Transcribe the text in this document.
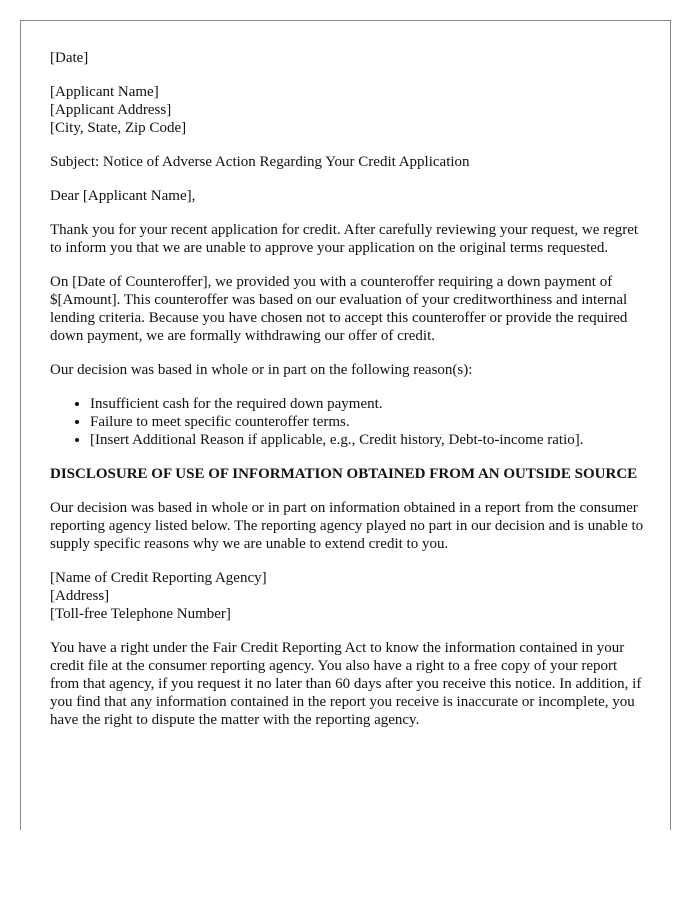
[Date]

[Applicant Name]
[Applicant Address]
[City, State, Zip Code]

Subject: Notice of Adverse Action Regarding Your Credit Application

Dear [Applicant Name],

Thank you for your recent application for credit. After carefully reviewing your request, we regret to inform you that we are unable to approve your application on the original terms requested.

On [Date of Counteroffer], we provided you with a counteroffer requiring a down payment of $[Amount]. This counteroffer was based on our evaluation of your creditworthiness and internal lending criteria. Because you have chosen not to accept this counteroffer or provide the required down payment, we are formally withdrawing our offer of credit.

Our decision was based in whole or in part on the following reason(s):

• Insufficient cash for the required down payment.
• Failure to meet specific counteroffer terms.
• [Insert Additional Reason if applicable, e.g., Credit history, Debt-to-income ratio].
DISCLOSURE OF USE OF INFORMATION OBTAINED FROM AN OUTSIDE SOURCE

Our decision was based in whole or in part on information obtained in a report from the consumer reporting agency listed below. The reporting agency played no part in our decision and is unable to supply specific reasons why we are unable to extend credit to you.

[Name of Credit Reporting Agency]
[Address]
[Toll-free Telephone Number]

You have a right under the Fair Credit Reporting Act to know the information contained in your credit file at the consumer reporting agency. You also have a right to a free copy of your report from that agency, if you request it no later than 60 days after you receive this notice. In addition, if you find that any information contained in the report you receive is inaccurate or incomplete, you have the right to dispute the matter with the reporting agency.
